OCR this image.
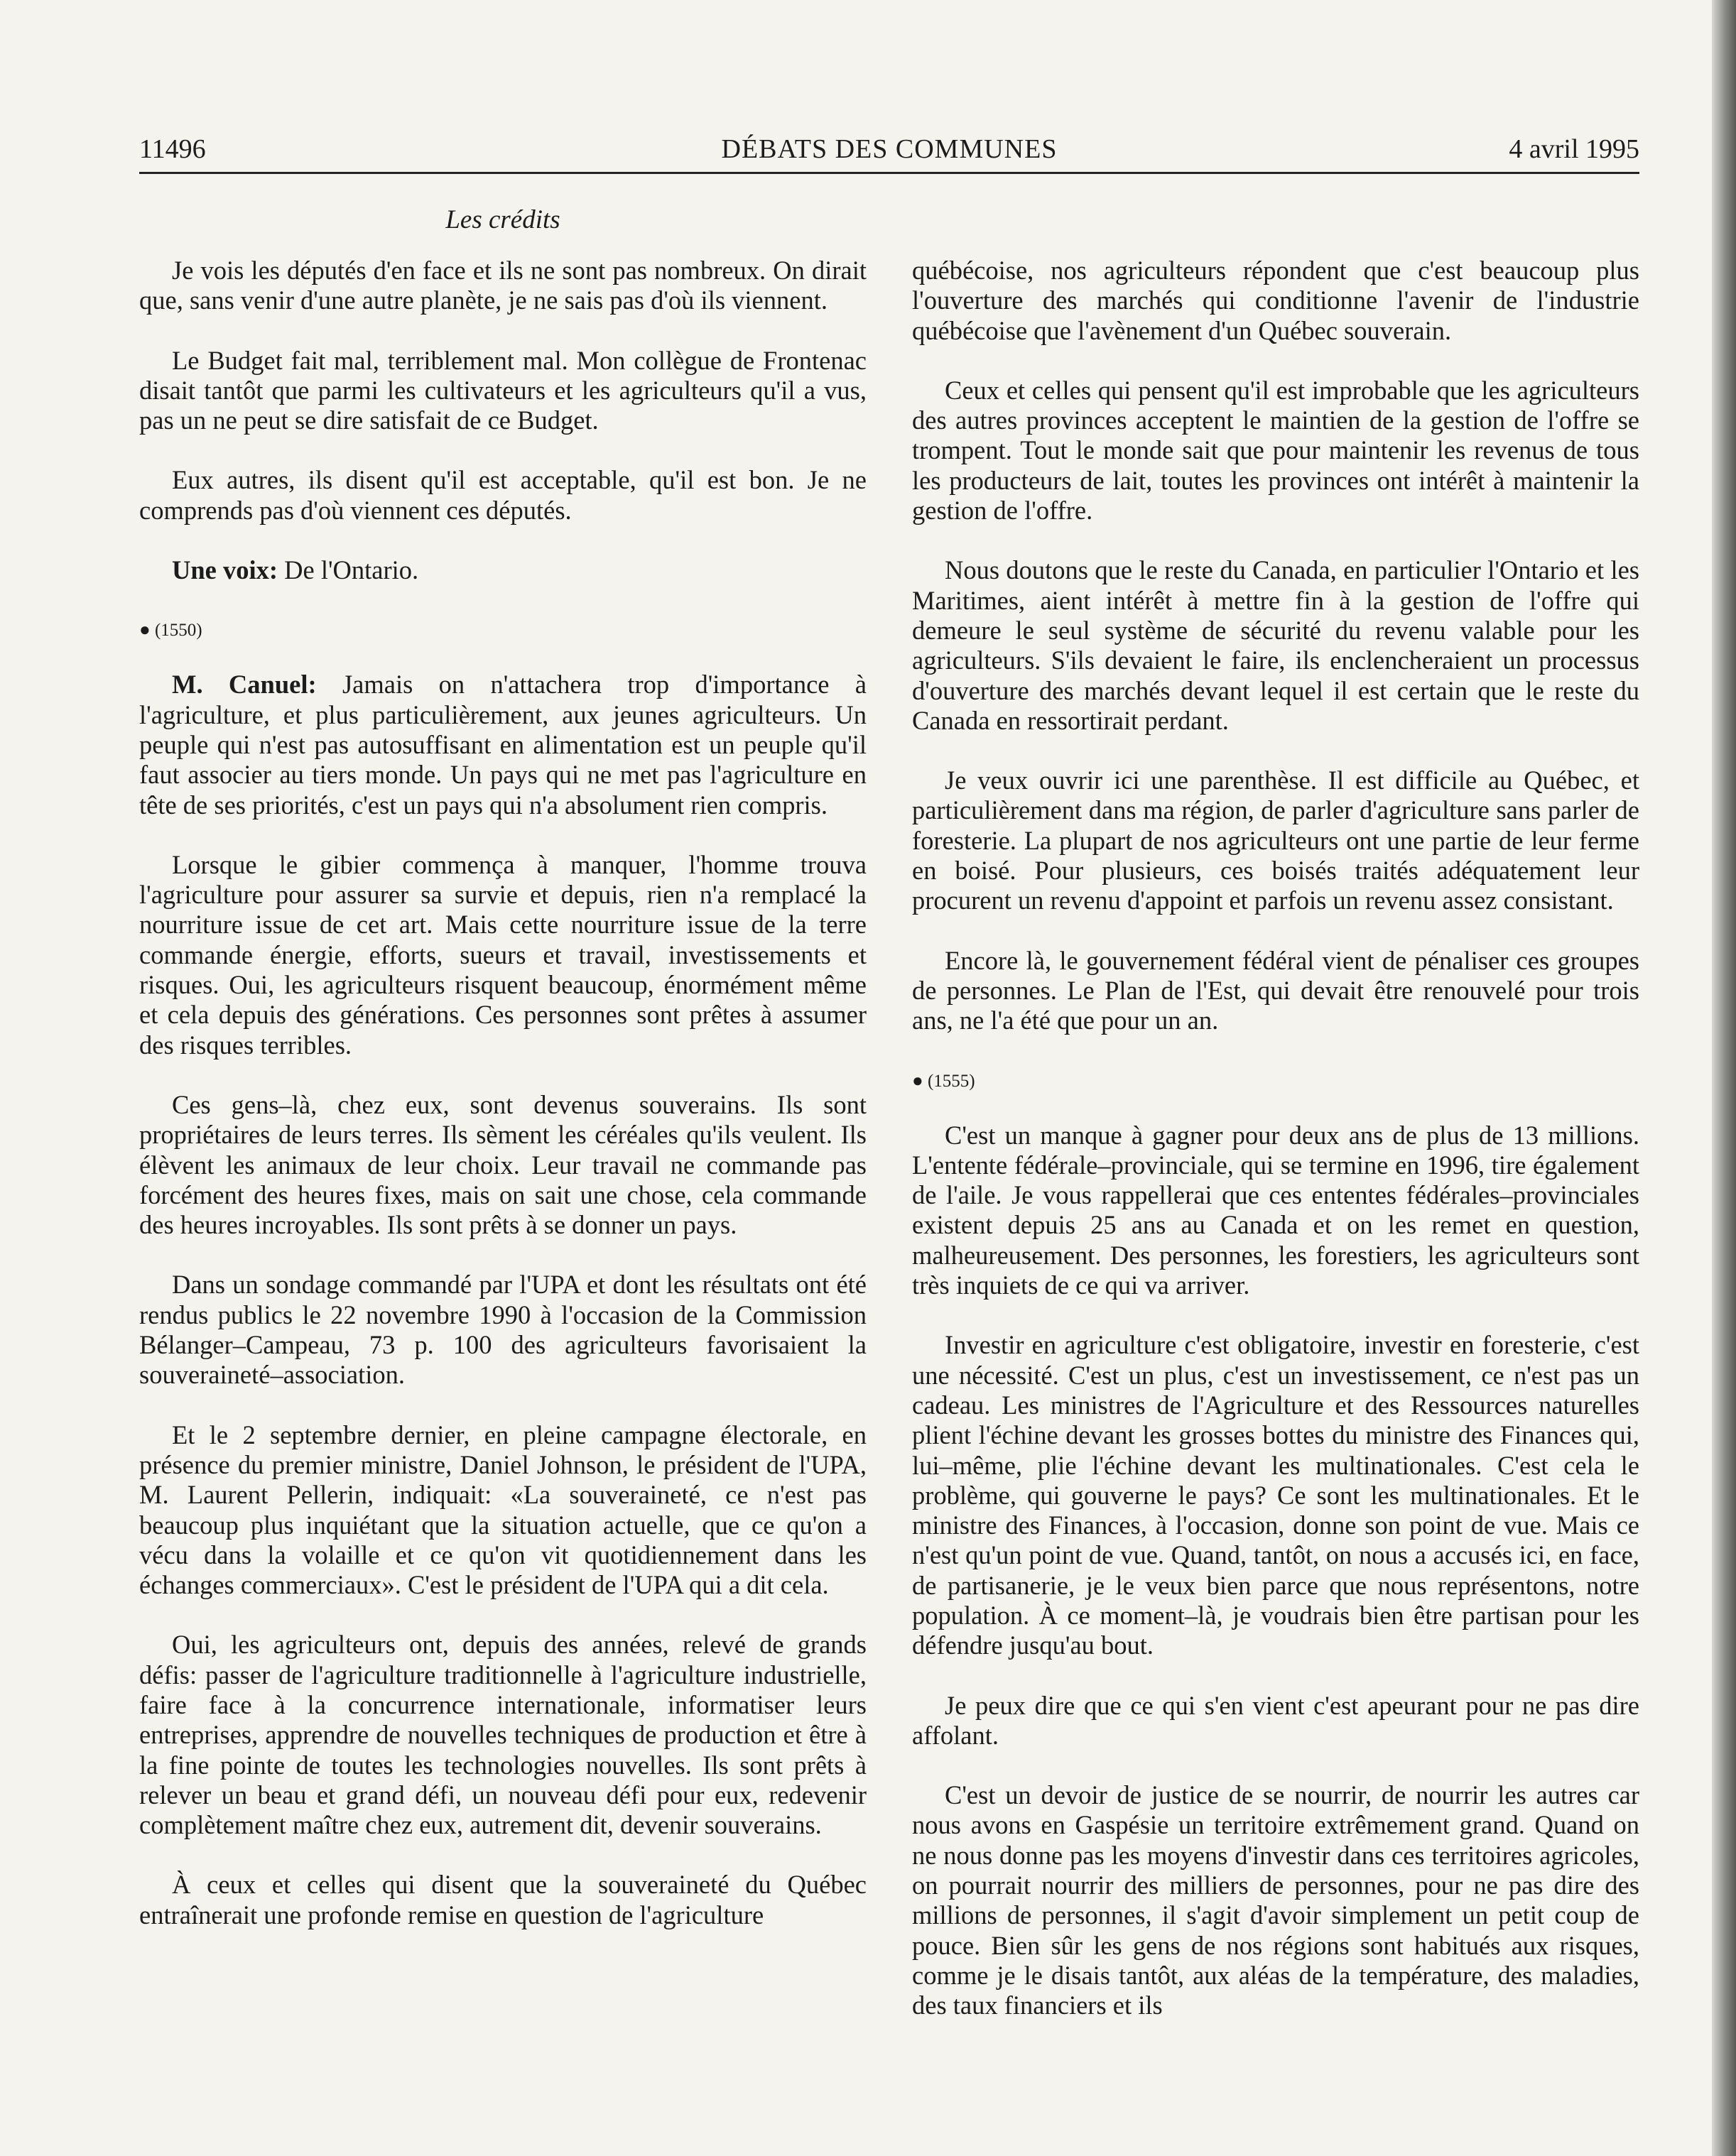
11496	DÉBATS DES COMMUNES	4 avril 1995
Les crédits

Je vois les députés d'en face et ils ne sont pas nombreux. On dirait que, sans venir d'une autre planète, je ne sais pas d'où ils viennent.

Le Budget fait mal, terriblement mal. Mon collègue de Frontenac disait tantôt que parmi les cultivateurs et les agriculteurs qu'il a vus, pas un ne peut se dire satisfait de ce Budget.

Eux autres, ils disent qu'il est acceptable, qu'il est bon. Je ne comprends pas d'où viennent ces députés.

Une voix: De l'Ontario.

● (1550)

M. Canuel: Jamais on n'attachera trop d'importance à l'agriculture, et plus particulièrement, aux jeunes agriculteurs. Un peuple qui n'est pas autosuffisant en alimentation est un peuple qu'il faut associer au tiers monde. Un pays qui ne met pas l'agriculture en tête de ses priorités, c'est un pays qui n'a absolument rien compris.

Lorsque le gibier commença à manquer, l'homme trouva l'agriculture pour assurer sa survie et depuis, rien n'a remplacé la nourriture issue de cet art. Mais cette nourriture issue de la terre commande énergie, efforts, sueurs et travail, investissements et risques. Oui, les agriculteurs risquent beaucoup, énormément même et cela depuis des générations. Ces personnes sont prêtes à assumer des risques terribles.

Ces gens–là, chez eux, sont devenus souverains. Ils sont propriétaires de leurs terres. Ils sèment les céréales qu'ils veulent. Ils élèvent les animaux de leur choix. Leur travail ne commande pas forcément des heures fixes, mais on sait une chose, cela commande des heures incroyables. Ils sont prêts à se donner un pays.

Dans un sondage commandé par l'UPA et dont les résultats ont été rendus publics le 22 novembre 1990 à l'occasion de la Commission Bélanger–Campeau, 73 p. 100 des agriculteurs favorisaient la souveraineté–association.

Et le 2 septembre dernier, en pleine campagne électorale, en présence du premier ministre, Daniel Johnson, le président de l'UPA, M. Laurent Pellerin, indiquait: «La souveraineté, ce n'est pas beaucoup plus inquiétant que la situation actuelle, que ce qu'on a vécu dans la volaille et ce qu'on vit quotidiennement dans les échanges commerciaux». C'est le président de l'UPA qui a dit cela.

Oui, les agriculteurs ont, depuis des années, relevé de grands défis: passer de l'agriculture traditionnelle à l'agriculture industrielle, faire face à la concurrence internationale, informatiser leurs entreprises, apprendre de nouvelles techniques de production et être à la fine pointe de toutes les technologies nouvelles. Ils sont prêts à relever un beau et grand défi, un nouveau défi pour eux, redevenir complètement maître chez eux, autrement dit, devenir souverains.

À ceux et celles qui disent que la souveraineté du Québec entraînerait une profonde remise en question de l'agriculture

québécoise, nos agriculteurs répondent que c'est beaucoup plus l'ouverture des marchés qui conditionne l'avenir de l'industrie québécoise que l'avènement d'un Québec souverain.

Ceux et celles qui pensent qu'il est improbable que les agriculteurs des autres provinces acceptent le maintien de la gestion de l'offre se trompent. Tout le monde sait que pour maintenir les revenus de tous les producteurs de lait, toutes les provinces ont intérêt à maintenir la gestion de l'offre.

Nous doutons que le reste du Canada, en particulier l'Ontario et les Maritimes, aient intérêt à mettre fin à la gestion de l'offre qui demeure le seul système de sécurité du revenu valable pour les agriculteurs. S'ils devaient le faire, ils enclencheraient un processus d'ouverture des marchés devant lequel il est certain que le reste du Canada en ressortirait perdant.

Je veux ouvrir ici une parenthèse. Il est difficile au Québec, et particulièrement dans ma région, de parler d'agriculture sans parler de foresterie. La plupart de nos agriculteurs ont une partie de leur ferme en boisé. Pour plusieurs, ces boisés traités adéquatement leur procurent un revenu d'appoint et parfois un revenu assez consistant.

Encore là, le gouvernement fédéral vient de pénaliser ces groupes de personnes. Le Plan de l'Est, qui devait être renouvelé pour trois ans, ne l'a été que pour un an.

● (1555)

C'est un manque à gagner pour deux ans de plus de 13 millions. L'entente fédérale–provinciale, qui se termine en 1996, tire également de l'aile. Je vous rappellerai que ces ententes fédérales–provinciales existent depuis 25 ans au Canada et on les remet en question, malheureusement. Des personnes, les forestiers, les agriculteurs sont très inquiets de ce qui va arriver.

Investir en agriculture c'est obligatoire, investir en foresterie, c'est une nécessité. C'est un plus, c'est un investissement, ce n'est pas un cadeau. Les ministres de l'Agriculture et des Ressources naturelles plient l'échine devant les grosses bottes du ministre des Finances qui, lui–même, plie l'échine devant les multinationales. C'est cela le problème, qui gouverne le pays? Ce sont les multinationales. Et le ministre des Finances, à l'occasion, donne son point de vue. Mais ce n'est qu'un point de vue. Quand, tantôt, on nous a accusés ici, en face, de partisanerie, je le veux bien parce que nous représentons, notre population. À ce moment–là, je voudrais bien être partisan pour les défendre jusqu'au bout.

Je peux dire que ce qui s'en vient c'est apeurant pour ne pas dire affolant.

C'est un devoir de justice de se nourrir, de nourrir les autres car nous avons en Gaspésie un territoire extrêmement grand. Quand on ne nous donne pas les moyens d'investir dans ces territoires agricoles, on pourrait nourrir des milliers de personnes, pour ne pas dire des millions de personnes, il s'agit d'avoir simplement un petit coup de pouce. Bien sûr les gens de nos régions sont habitués aux risques, comme je le disais tantôt, aux aléas de la température, des maladies, des taux financiers et ils
